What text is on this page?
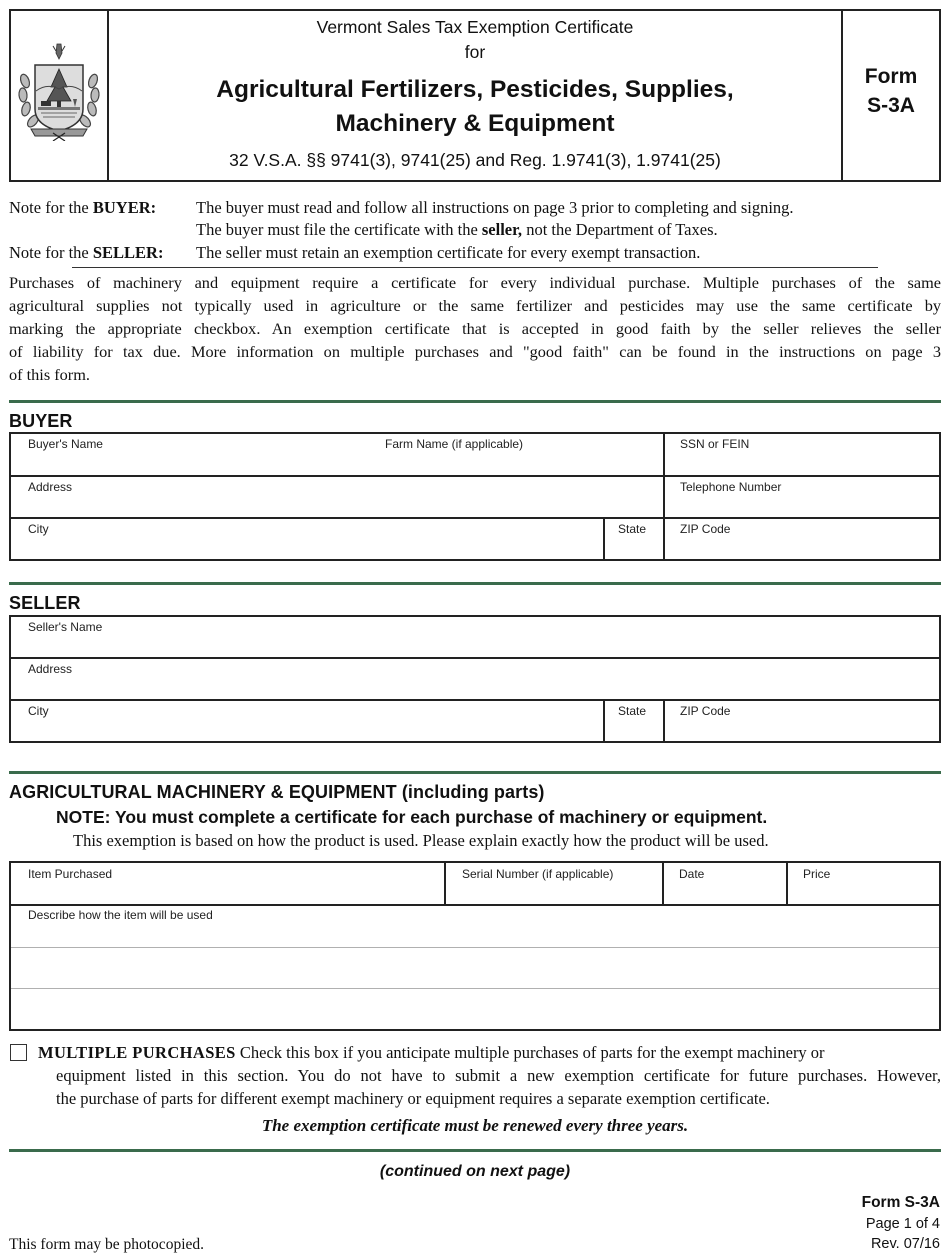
Vermont Sales Tax Exemption Certificate
for
Agricultural Fertilizers, Pesticides, Supplies,
Machinery & Equipment
32 V.S.A. §§ 9741(3), 9741(25) and Reg. 1.9741(3), 1.9741(25)
Form
S-3A
Note for the BUYER: The buyer must read and follow all instructions on page 3 prior to completing and signing.
The buyer must file the certificate with the seller, not the Department of Taxes.
Note for the SELLER: The seller must retain an exemption certificate for every exempt transaction.
Purchases of machinery and equipment require a certificate for every individual purchase. Multiple purchases of the same
agricultural supplies not typically used in agriculture or the same fertilizer and pesticides may use the same certificate by
marking the appropriate checkbox. An exemption certificate that is accepted in good faith by the seller relieves the seller
of liability for tax due. More information on multiple purchases and "good faith" can be found in the instructions on page 3
of this form.
BUYER
Buyer's Name	Farm Name (if applicable)	SSN or FEIN
Address	Telephone Number
City	State	ZIP Code
SELLER
Seller's Name
Address
City	State	ZIP Code
AGRICULTURAL MACHINERY & EQUIPMENT (including parts)
NOTE: You must complete a certificate for each purchase of machinery or equipment.
This exemption is based on how the product is used. Please explain exactly how the product will be used.
Item Purchased	Serial Number (if applicable)	Date	Price
Describe how the item will be used
MULTIPLE PURCHASES Check this box if you anticipate multiple purchases of parts for the exempt machinery or
equipment listed in this section. You do not have to submit a new exemption certificate for future purchases. However,
the purchase of parts for different exempt machinery or equipment requires a separate exemption certificate.
The exemption certificate must be renewed every three years.
(continued on next page)
This form may be photocopied.
Form S-3A
Page 1 of 4
Rev. 07/16
